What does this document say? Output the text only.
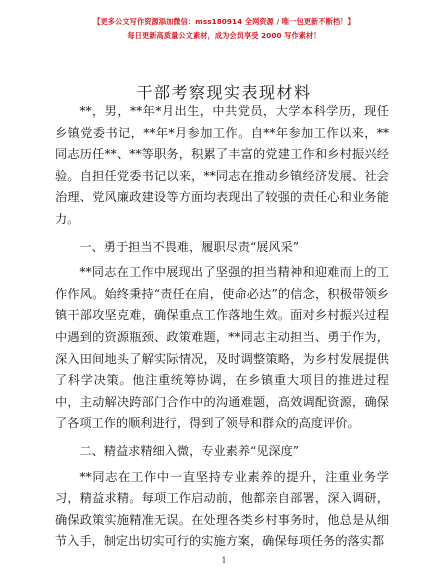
【更多公文写作资源添加微信：mss180914 全网资源 / 唯一包更新不断档！】
每日更新高质量公文素材，成为会员享受 2000 写作素材！
干部考察现实表现材料

**，男，**年*月出生，中共党员，大学本科学历，现任乡镇党委书记，**年*月参加工作。自**年参加工作以来，**同志历任**、**等职务，积累了丰富的党建工作和乡村振兴经验。自担任党委书记以来，**同志在推动乡镇经济发展、社会治理、党风廉政建设等方面均表现出了较强的责任心和业务能力。

一、勇于担当不畏难，履职尽责“展风采”

**同志在工作中展现出了坚强的担当精神和迎难而上的工作作风。始终秉持“责任在肩，使命必达”的信念，积极带领乡镇干部攻坚克难，确保重点工作落地生效。面对乡村振兴过程中遇到的资源瓶颈、政策难题，**同志主动担当、勇于作为，深入田间地头了解实际情况，及时调整策略，为乡村发展提供了科学决策。他注重统筹协调，在乡镇重大项目的推进过程中，主动解决跨部门合作中的沟通难题，高效调配资源，确保了各项工作的顺利进行，得到了领导和群众的高度评价。

二、精益求精细入微，专业素养“见深度”

**同志在工作中一直坚持专业素养的提升，注重业务学习，精益求精。每项工作启动前，他都亲自部署，深入调研，确保政策实施精准无误。在处理各类乡村事务时，他总是从细节入手，制定出切实可行的实施方案，确保每项任务的落实都

1
